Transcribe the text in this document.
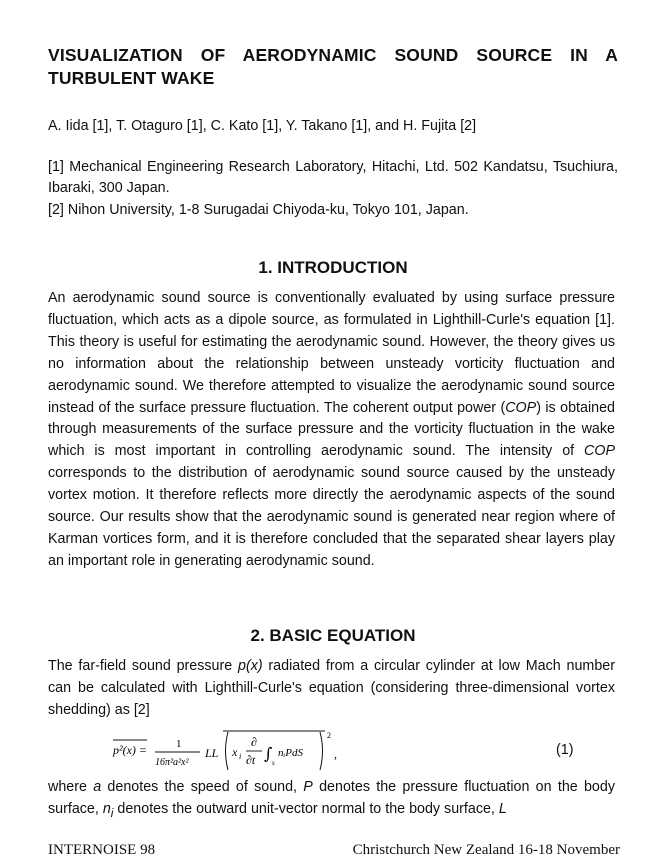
VISUALIZATION OF AERODYNAMIC SOUND SOURCE IN A TURBULENT WAKE
A. Iida [1], T. Otaguro [1], C. Kato [1], Y. Takano [1], and H. Fujita [2]
[1] Mechanical Engineering Research Laboratory, Hitachi, Ltd. 502 Kandatsu, Tsuchiura, Ibaraki, 300 Japan.
[2] Nihon University, 1-8 Surugadai Chiyoda-ku, Tokyo 101, Japan.
1. INTRODUCTION
An aerodynamic sound source is conventionally evaluated by using surface pressure fluctuation, which acts as a dipole source, as formulated in Lighthill-Curle's equation [1]. This theory is useful for estimating the aerodynamic sound. However, the theory gives us no information about the relationship between unsteady vorticity fluctuation and aerodynamic sound. We therefore attempted to visualize the aerodynamic sound source instead of the surface pressure fluctuation. The coherent output power (COP) is obtained through measurements of the surface pressure and the vorticity fluctuation in the wake which is most important in controlling aerodynamic sound. The intensity of COP corresponds to the distribution of aerodynamic sound source caused by the unsteady vortex motion. It therefore reflects more directly the aerodynamic aspects of the sound source. Our results show that the aerodynamic sound is generated near region where of Karman vortices form, and it is therefore concluded that the separated shear layers play an important role in generating aerodynamic sound.
2. BASIC EQUATION
The far-field sound pressure p(x) radiated from a circular cylinder at low Mach number can be calculated with Lighthill-Curle's equation (considering three-dimensional vortex shedding) as [2]
p²(x) =	1
16π²a²x²
LL x i
∂
∂t ∫ s
nᵢPdS
2
,	(1)
where a denotes the speed of sound, P denotes the pressure fluctuation on the body surface, $n_i$ denotes the outward unit-vector normal to the body surface, L
INTERNOISE 98	Christchurch New Zealand 16-18 November
